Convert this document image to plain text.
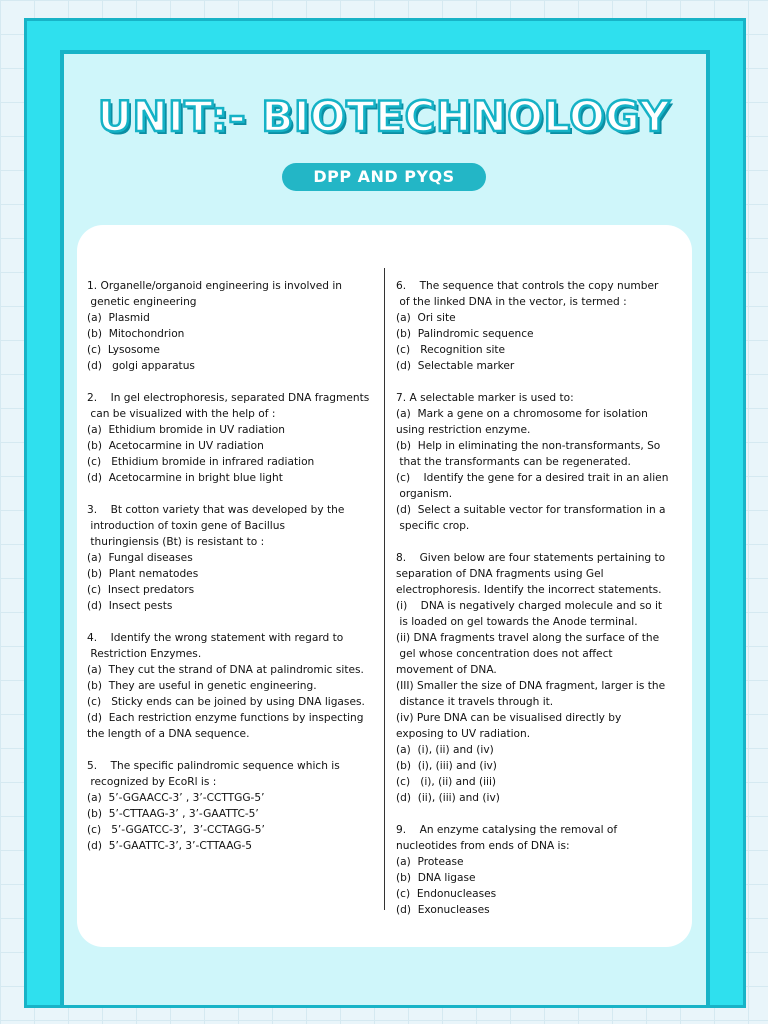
UNIT:- BIOTECHNOLOGY
DPP AND PYQS
1. Organelle/organoid engineering is involved in
genetic engineering
(a)  Plasmid
(b)  Mitochondrion
(c)  Lysosome
(d)   golgi apparatus
2.    In gel electrophoresis, separated DNA fragments
can be visualized with the help of :
(a)  Ethidium bromide in UV radiation
(b)  Acetocarmine in UV radiation
(c)   Ethidium bromide in infrared radiation
(d)  Acetocarmine in bright blue light
3.    Bt cotton variety that was developed by the
introduction of toxin gene of Bacillus
thuringiensis (Bt) is resistant to :
(a)  Fungal diseases
(b)  Plant nematodes
(c)  Insect predators
(d)  Insect pests
4.    Identify the wrong statement with regard to
Restriction Enzymes.
(a)  They cut the strand of DNA at palindromic sites.
(b)  They are useful in genetic engineering.
(c)   Sticky ends can be joined by using DNA ligases.
(d)  Each restriction enzyme functions by inspecting
the length of a DNA sequence.
5.    The specific palindromic sequence which is
recognized by EcoRl is :
(a)  5’-GGAACC-3’ , 3’-CCTTGG-5’
(b)  5’-CTTAAG-3’ , 3’-GAATTC-5’
(c)   5’-GGATCC-3’,  3’-CCTAGG-5’
(d)  5’-GAATTC-3’, 3’-CTTAAG-5
6.    The sequence that controls the copy number
of the linked DNA in the vector, is termed :
(a)  Ori site
(b)  Palindromic sequence
(c)   Recognition site
(d)  Selectable marker
7. A selectable marker is used to:
(a)  Mark a gene on a chromosome for isolation
using restriction enzyme.
(b)  Help in eliminating the non-transformants, So
that the transformants can be regenerated.
(c)    Identify the gene for a desired trait in an alien
organism.
(d)  Select a suitable vector for transformation in a
specific crop.
8.    Given below are four statements pertaining to
separation of DNA fragments using Gel
electrophoresis. Identify the incorrect statements.
(i)    DNA is negatively charged molecule and so it
is loaded on gel towards the Anode terminal.
(ii) DNA fragments travel along the surface of the
gel whose concentration does not affect
movement of DNA.
(III) Smaller the size of DNA fragment, larger is the
distance it travels through it.
(iv) Pure DNA can be visualised directly by
exposing to UV radiation.
(a)  (i), (ii) and (iv)
(b)  (i), (iii) and (iv)
(c)   (i), (ii) and (iii)
(d)  (ii), (iii) and (iv)
9.    An enzyme catalysing the removal of
nucleotides from ends of DNA is:
(a)  Protease
(b)  DNA ligase
(c)  Endonucleases
(d)  Exonucleases
